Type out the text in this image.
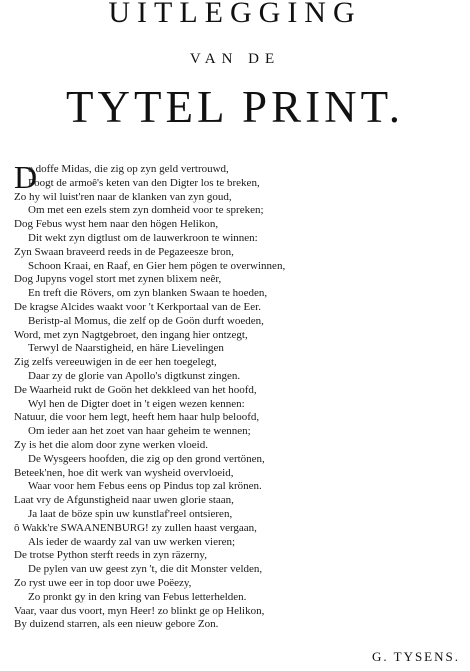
UITLEGGING
VAN DE
TYTEL PRINT.
D
e doffe Midas, die zig op zyn geld vertrouwd,
Poogt de armoê's keten van den Digter los te breken,
Zo hy wil luist'ren naar de klanken van zyn goud,
Om met een ezels stem zyn domheid voor te spreken;
Dog Febus wyst hem naar den högen Helikon,
Dit wekt zyn digtlust om de lauwerkroon te winnen:
Zyn Swaan braveerd reeds in de Pegazeesze bron,
Schoon Kraai, en Raaf, en Gier hem pögen te overwinnen,
Dog Jupyns vogel stort met zynen blixem neêr,
En treft die Rövers, om zyn blanken Swaan te hoeden,
De kragse Alcides waakt voor 't Kerkportaal van de Eer.
Beristp-al Momus, die zelf op de Goön durft woeden,
Word, met zyn Nagtgebroet, den ingang hier ontzegt,
Terwyl de Naarstigheid, en häre Lievelingen
Zig zelfs vereeuwigen in de eer hen toegelegt,
Daar zy de glorie van Apollo's digtkunst zingen.
De Waarheid rukt de Goön het dekkleed van het hoofd,
Wyl hen de Digter doet in 't eigen wezen kennen:
Natuur, die voor hem legt, heeft hem haar hulp beloofd,
Om ieder aan het zoet van haar geheim te wennen;
Zy is het die alom door zyne werken vloeid.
De Wysgeers hoofden, die zig op den grond vertönen,
Beteek'nen, hoe dit werk van wysheid overvloeid,
Waar voor hem Febus eens op Pindus top zal krönen.
Laat vry de Afgunstigheid naar uwen glorie staan,
Ja laat de böze spin uw kunstlaf'reel ontsieren,
ô Wakk're SWAANENBURG! zy zullen haast vergaan,
Als ieder de waardy zal van uw werken vieren;
De trotse Python sterft reeds in zyn räzerny,
De pylen van uw geest zyn 't, die dit Monster velden,
Zo ryst uwe eer in top door uwe Poëezy,
Zo pronkt gy in den kring van Febus letterhelden.
Vaar, vaar dus voort, myn Heer! zo blinkt ge op Helikon,
By duizend starren, als een nieuw gebore Zon.
G. TYSENS.
